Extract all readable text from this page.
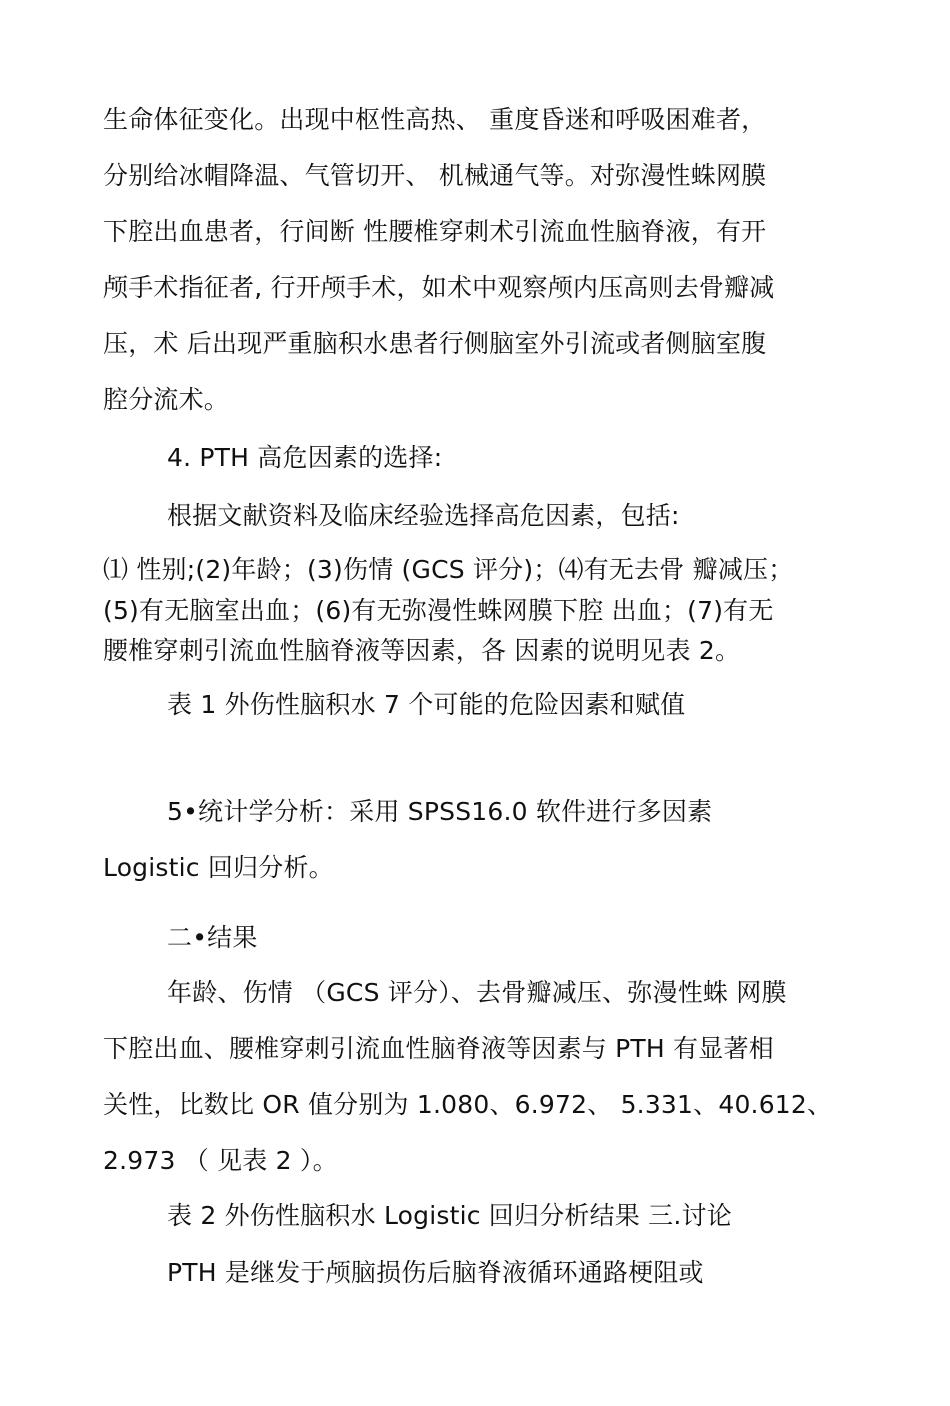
生命体征变化。出现中枢性高热、 重度昏迷和呼吸困难者，
分别给冰帽降温、气管切开、 机械通气等。对弥漫性蛛网膜
下腔出血患者，行间断 性腰椎穿刺术引流血性脑脊液，有开
颅手术指征者, 行开颅手术，如术中观察颅内压高则去骨瓣减
压，术 后出现严重脑积水患者行侧脑室外引流或者侧脑室腹
腔分流术。
4. PTH 高危因素的选择:
根据文献资料及临床经验选择高危因素，包括:
⑴ 性别;(2)年龄；(3)伤情 (GCS 评分)；⑷有无去骨 瓣减压；
(5)有无脑室出血；(6)有无弥漫性蛛网膜下腔 出血；(7)有无
腰椎穿刺引流血性脑脊液等因素，各 因素的说明见表 2。
表 1 外伤性脑积水 7 个可能的危险因素和赋值
5•统计学分析：采用 SPSS16.0 软件进行多因素
Logistic 回归分析。
二•结果
年龄、伤情 （GCS 评分）、去骨瓣减压、弥漫性蛛 网膜
下腔出血、腰椎穿刺引流血性脑脊液等因素与 PTH 有显著相
关性，比数比 OR 值分别为 1.080、6.972、 5.331、40.612、
2.973 （ 见表 2 ）。
表 2 外伤性脑积水 Logistic 回归分析结果 三.讨论
PTH 是继发于颅脑损伤后脑脊液循环通路梗阻或
